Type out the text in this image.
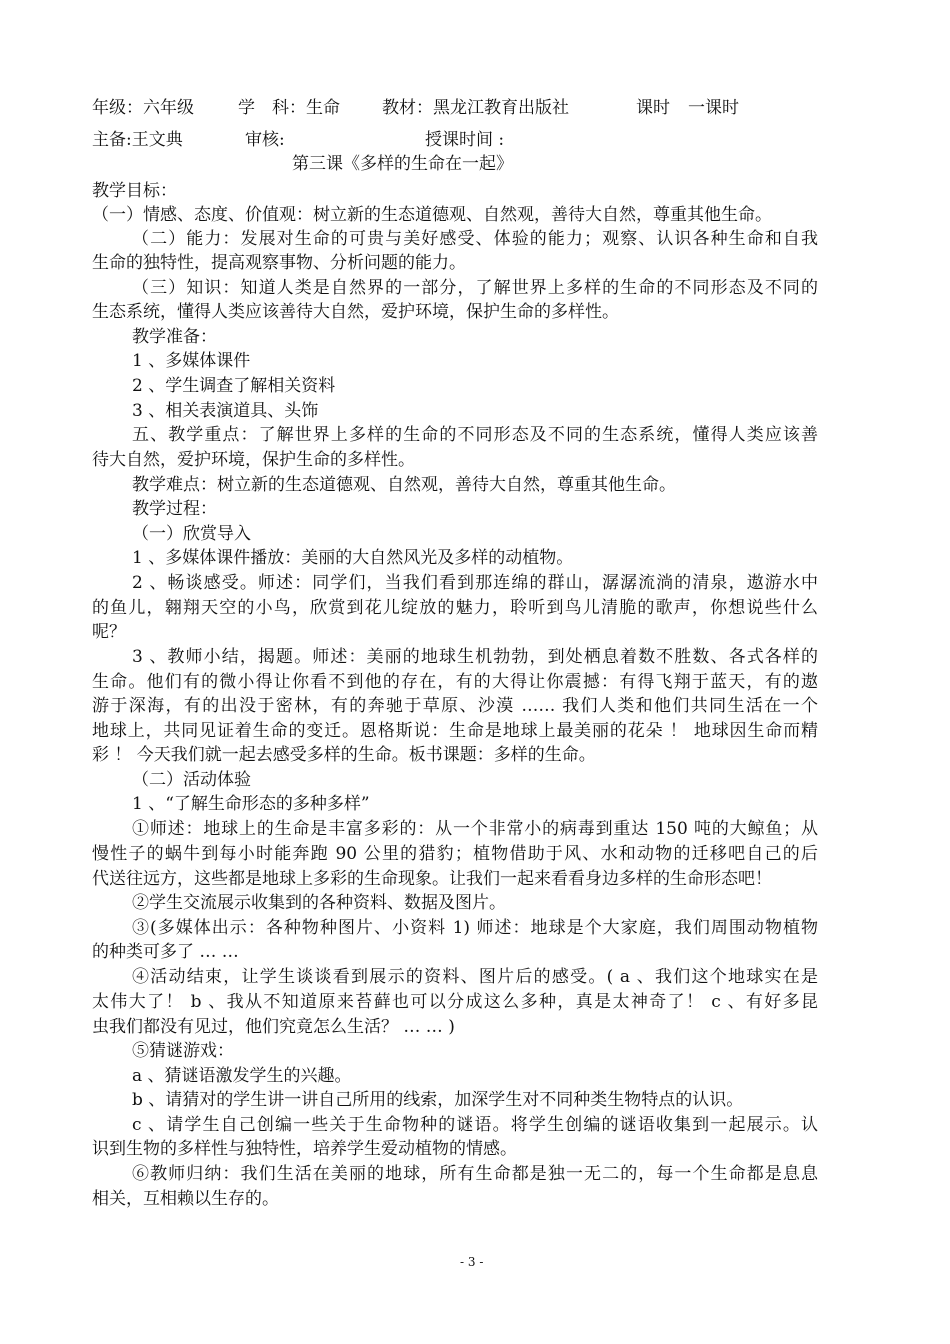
年级：六年级	学　科：生命 教材：黑龙江教育出版社	课时 一课时
主备:王文典	审核:	授课时间 :
第三课《多样的生命在一起》
教学目标：
（一）情感、态度、价值观：树立新的生态道德观、自然观，善待大自然，尊重其他生命。
（二）能力：发展对生命的可贵与美好感受、体验的能力；观察、认识各种生命和自我
生命的独特性，提高观察事物、分析问题的能力。
（三）知识：知道人类是自然界的一部分，了解世界上多样的生命的不同形态及不同的
生态系统，懂得人类应该善待大自然，爱护环境，保护生命的多样性。
教学准备：
1 、多媒体课件
2 、学生调查了解相关资料
3 、相关表演道具、头饰
五、教学重点：了解世界上多样的生命的不同形态及不同的生态系统，懂得人类应该善
待大自然，爱护环境，保护生命的多样性。
教学难点：树立新的生态道德观、自然观，善待大自然，尊重其他生命。
教学过程：
（一）欣赏导入
1 、多媒体课件播放：美丽的大自然风光及多样的动植物。
2 、畅谈感受。师述：同学们，当我们看到那连绵的群山，潺潺流淌的清泉，遨游水中
的鱼儿，翱翔天空的小鸟，欣赏到花儿绽放的魅力，聆听到鸟儿清脆的歌声，你想说些什么
呢？
3 、教师小结，揭题。师述：美丽的地球生机勃勃，到处栖息着数不胜数、各式各样的
生命。他们有的微小得让你看不到他的存在，有的大得让你震撼：有得飞翔于蓝天，有的遨
游于深海，有的出没于密林，有的奔驰于草原、沙漠 …… 我们人类和他们共同生活在一个
地球上，共同见证着生命的变迁。恩格斯说：生命是地球上最美丽的花朵 ！ 地球因生命而精
彩 ！ 今天我们就一起去感受多样的生命。板书课题：多样的生命。
（二）活动体验
1 、“了解生命形态的多种多样”
①师述：地球上的生命是丰富多彩的：从一个非常小的病毒到重达 150 吨的大鲸鱼；从
慢性子的蜗牛到每小时能奔跑 90 公里的猎豹；植物借助于风、水和动物的迁移吧自己的后
代送往远方，这些都是地球上多彩的生命现象。让我们一起来看看身边多样的生命形态吧！
②学生交流展示收集到的各种资料、数据及图片。
③(多媒体出示：各种物种图片、小资料 1) 师述：地球是个大家庭，我们周围动物植物
的种类可多了 … …
④活动结束，让学生谈谈看到展示的资料、图片后的感受。( a 、我们这个地球实在是
太伟大了！ b 、我从不知道原来苔藓也可以分成这么多种，真是太神奇了！ c 、有好多昆
虫我们都没有见过，他们究竟怎么生活？ … … )
⑤猜谜游戏：
a 、猜谜语激发学生的兴趣。
b 、请猜对的学生讲一讲自己所用的线索，加深学生对不同种类生物特点的认识。
c 、请学生自己创编一些关于生命物种的谜语。将学生创编的谜语收集到一起展示。认
识到生物的多样性与独特性，培养学生爱动植物的情感。
⑥教师归纳：我们生活在美丽的地球，所有生命都是独一无二的，每一个生命都是息息
相关，互相赖以生存的。
- 3 -
